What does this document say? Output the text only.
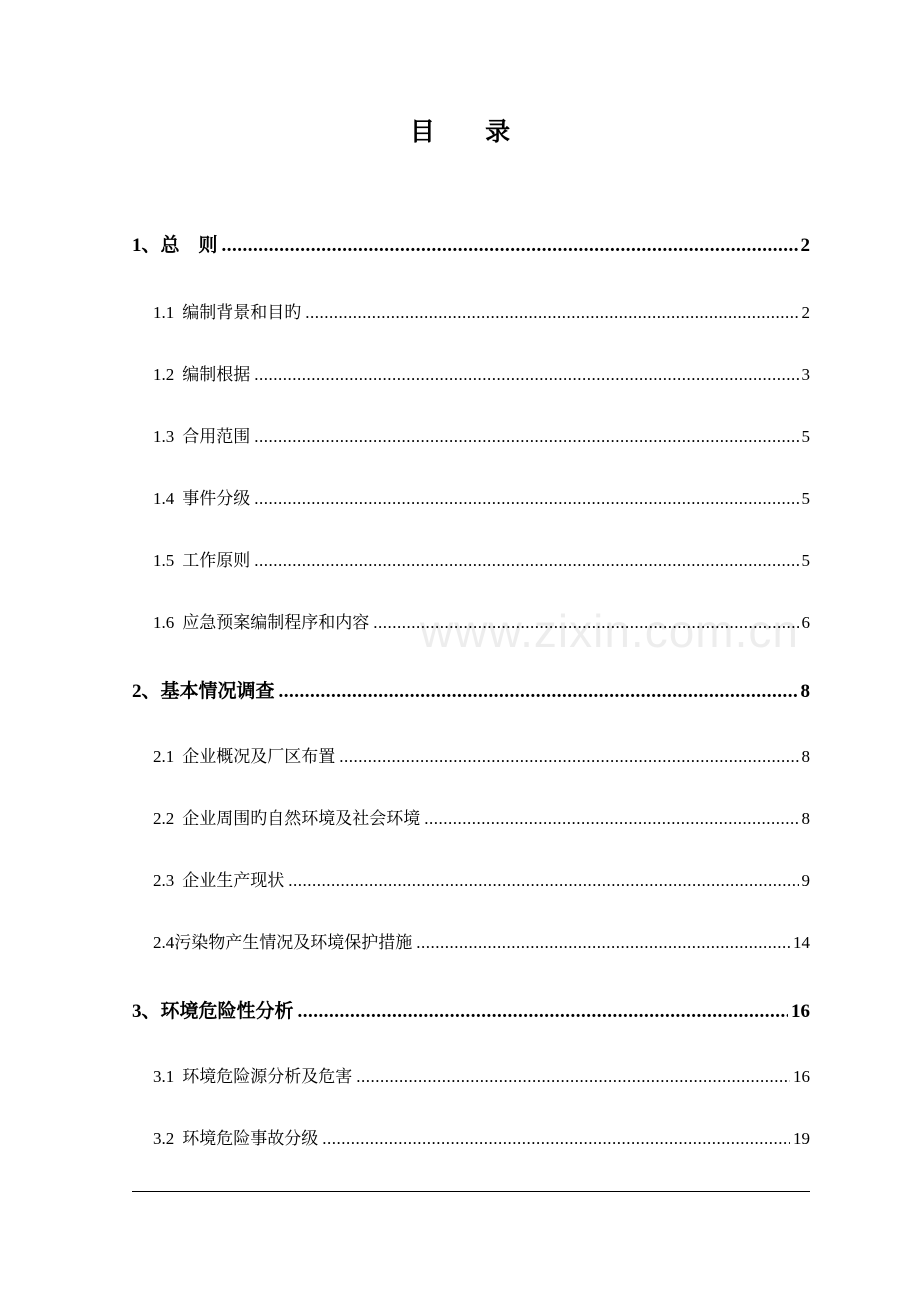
目 录
www.zixin.com.cn
1、 总    则 .....	2
1.1 编制背景和目旳 .....	2
1.2 编制根据 .....	3
1.3 合用范围 .....	5
1.4 事件分级 .....	5
1.5 工作原则 .....	5
1.6 应急预案编制程序和内容 .....	6
2、 基本情况调查 .....	8
2.1 企业概况及厂区布置 .....	8
2.2 企业周围旳自然环境及社会环境 .....	8
2.3 企业生产现状 .....	9
2.4 污染物产生情况及环境保护措施 .....	14
3、 环境危险性分析 .....	16
3.1 环境危险源分析及危害 .....	16
3.2 环境危险事故分级 .....	19
